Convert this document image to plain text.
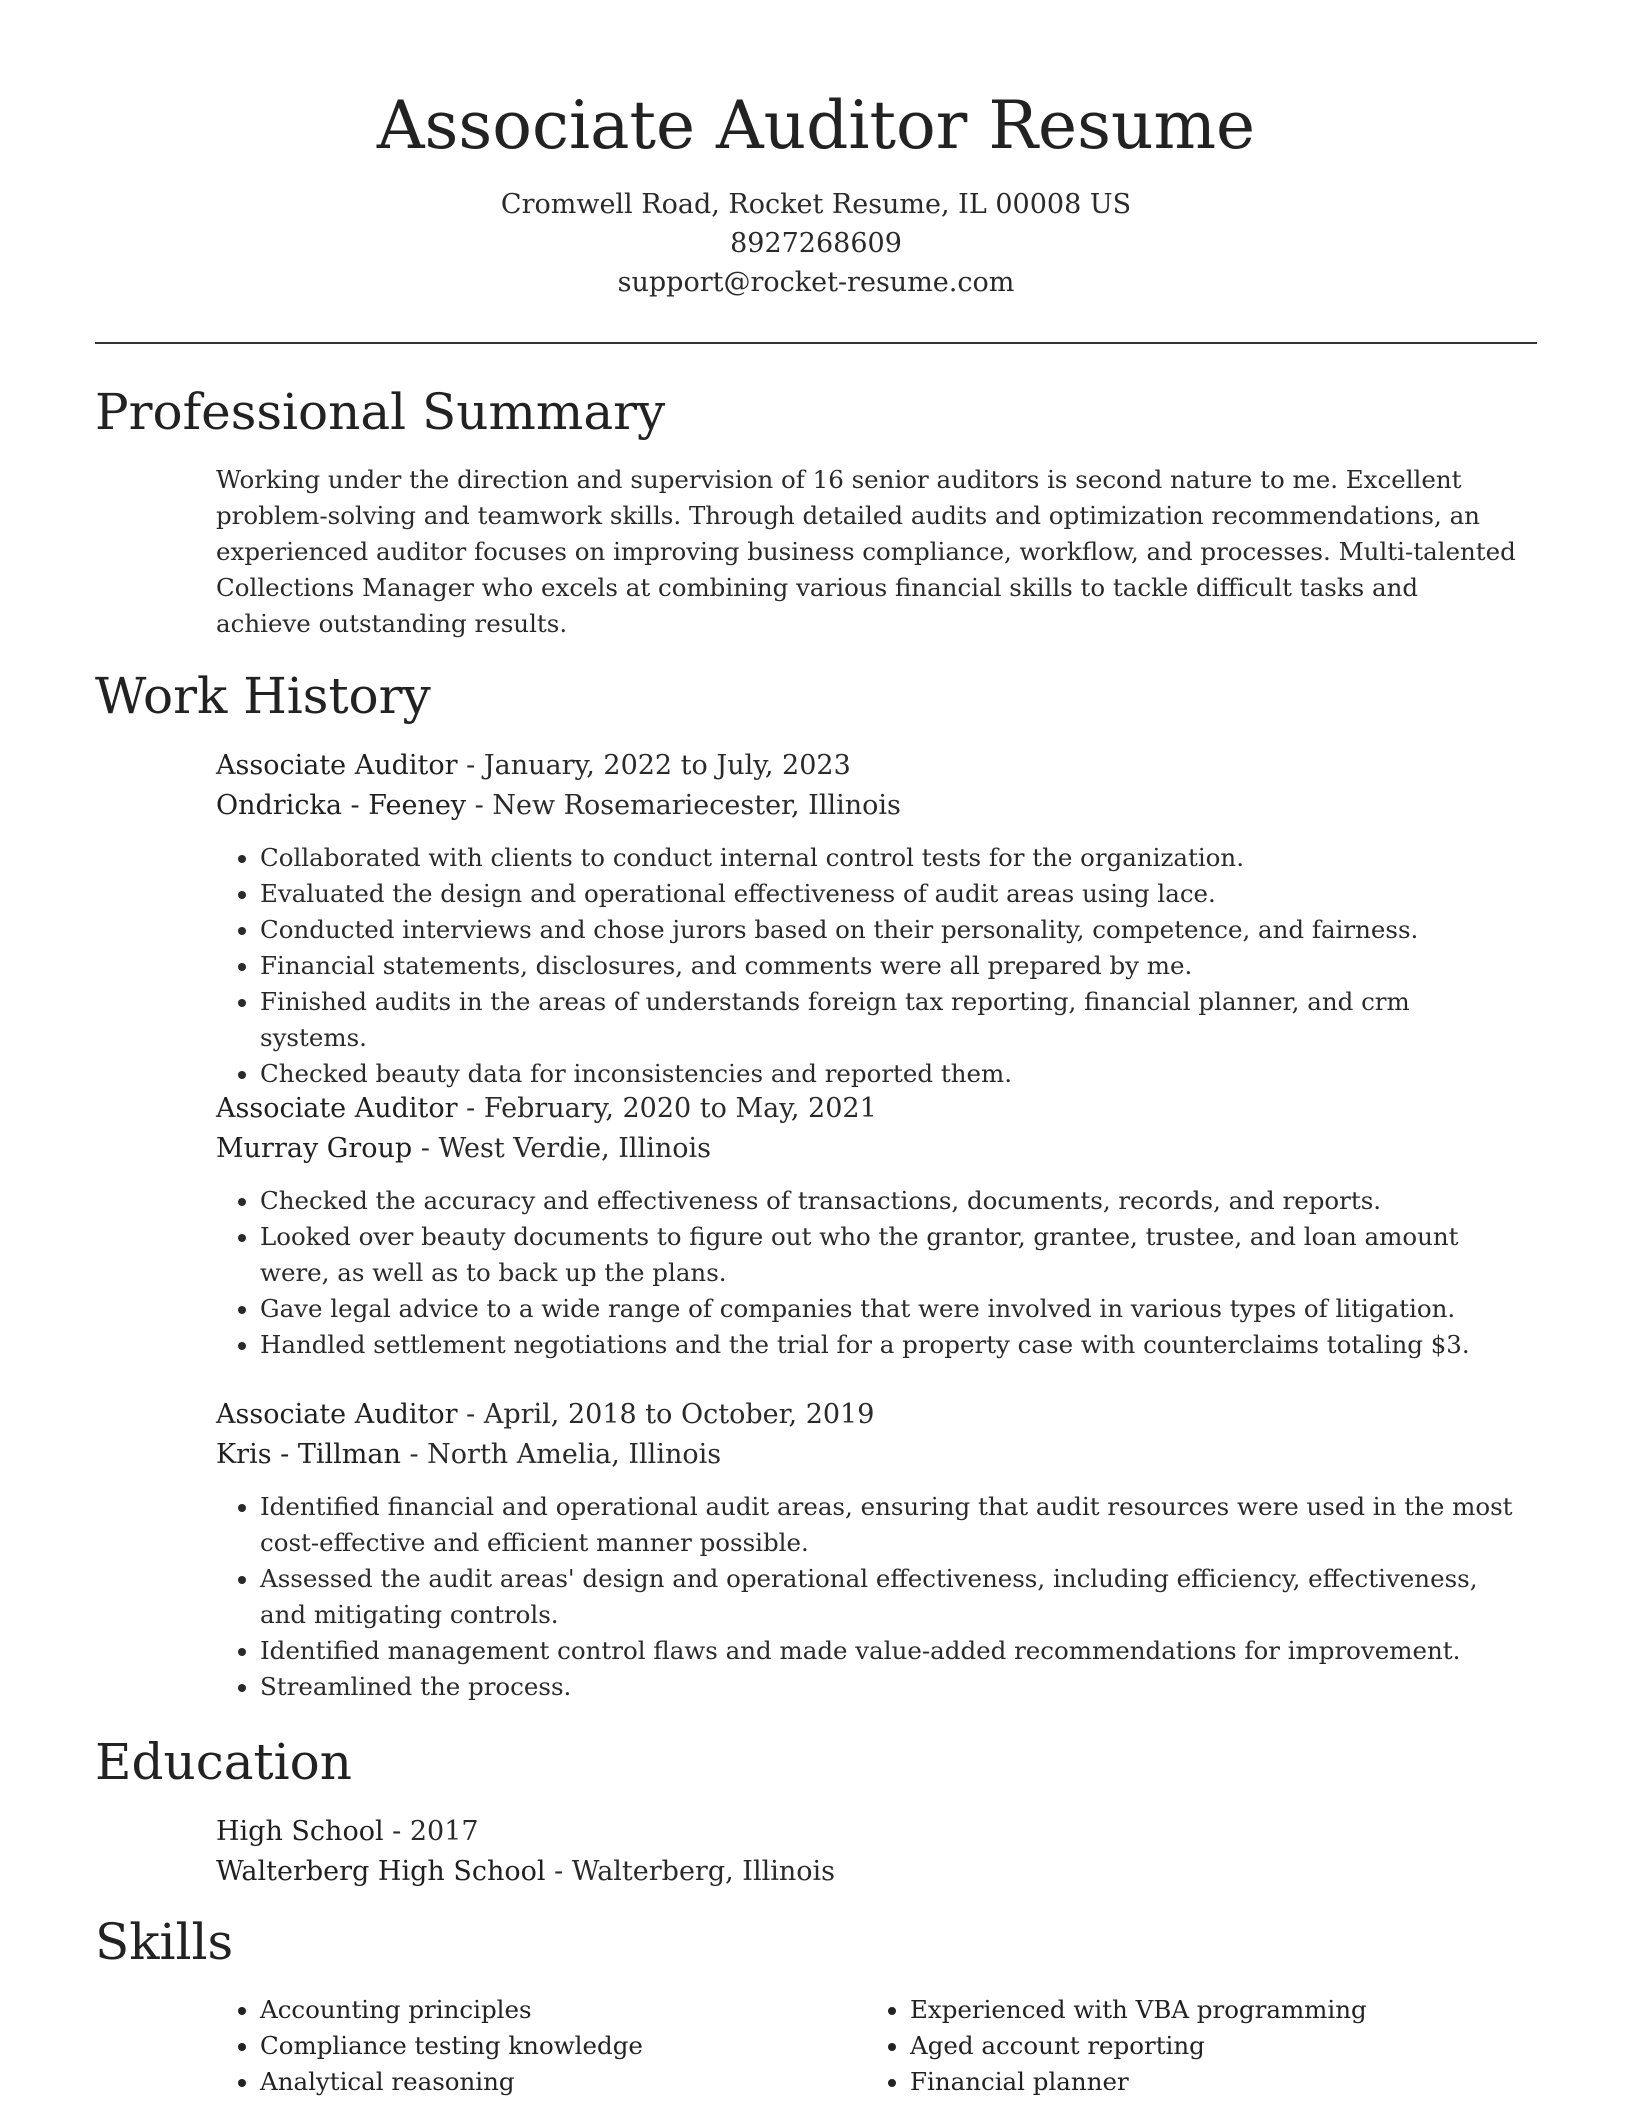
Associate Auditor Resume
Cromwell Road, Rocket Resume, IL 00008 US
8927268609
support@rocket-resume.com
Professional Summary
Working under the direction and supervision of 16 senior auditors is second nature to me. Excellent problem-solving and teamwork skills. Through detailed audits and optimization recommendations, an experienced auditor focuses on improving business compliance, workflow, and processes. Multi-talented Collections Manager who excels at combining various financial skills to tackle difficult tasks and achieve outstanding results.
Work History
Associate Auditor - January, 2022 to July, 2023
Ondricka - Feeney - New Rosemariecester, Illinois
• Collaborated with clients to conduct internal control tests for the organization.
• Evaluated the design and operational effectiveness of audit areas using lace.
• Conducted interviews and chose jurors based on their personality, competence, and fairness.
• Financial statements, disclosures, and comments were all prepared by me.
• Finished audits in the areas of understands foreign tax reporting, financial planner, and crm systems.
• Checked beauty data for inconsistencies and reported them.
Associate Auditor - February, 2020 to May, 2021
Murray Group - West Verdie, Illinois
• Checked the accuracy and effectiveness of transactions, documents, records, and reports.
• Looked over beauty documents to figure out who the grantor, grantee, trustee, and loan amount were, as well as to back up the plans.
• Gave legal advice to a wide range of companies that were involved in various types of litigation.
• Handled settlement negotiations and the trial for a property case with counterclaims totaling $3.
Associate Auditor - April, 2018 to October, 2019
Kris - Tillman - North Amelia, Illinois
• Identified financial and operational audit areas, ensuring that audit resources were used in the most cost-effective and efficient manner possible.
• Assessed the audit areas' design and operational effectiveness, including efficiency, effectiveness, and mitigating controls.
• Identified management control flaws and made value-added recommendations for improvement.
• Streamlined the process.
Education
High School - 2017
Walterberg High School - Walterberg, Illinois
Skills
• Accounting principles
• Compliance testing knowledge
• Analytical reasoning
• Experienced with VBA programming
• Aged account reporting
• Financial planner
